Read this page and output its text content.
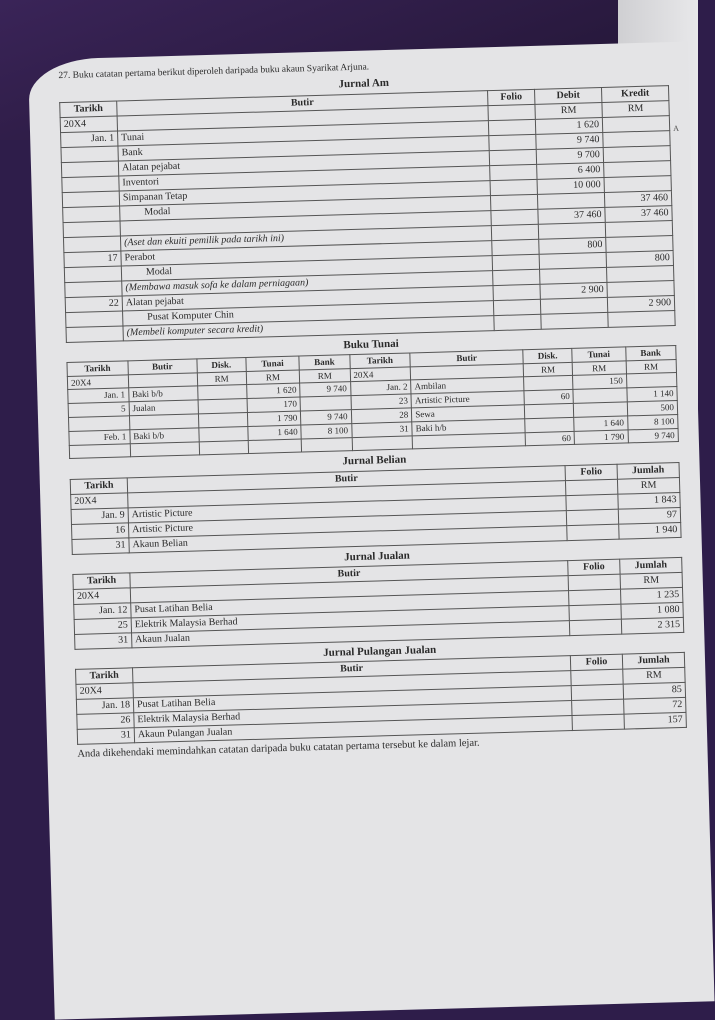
A

27. Buku catatan pertama berikut diperoleh daripada buku akaun Syarikat Arjuna.

Jurnal Am
Tarikh	Butir	Folio	Debit	Kredit
20X4			RM	RM
Jan. 1	Tunai		1 620	
	Bank		9 740	
	Alatan pejabat		9 700	
	Inventori		6 400	
	Simpanan Tetap		10 000	
	Modal			37 460
			37 460	37 460
	(Aset dan ekuiti pemilik pada tarikh ini)			
17	Perabot		800	
	Modal			800
	(Membawa masuk sofa ke dalam perniagaan)			
22	Alatan pejabat		2 900	
	Pusat Komputer Chin			2 900
	(Membeli komputer secara kredit)			
Buku Tunai
Tarikh	Butir	Disk.	Tunai	Bank	Tarikh	Butir	Disk.	Tunai	Bank
20X4		RM	RM	RM	20X4		RM	RM	RM
Jan. 1	Baki b/b		1 620	9 740	Jan. 2	Ambilan		150	
5	Jualan		170		23	Artistic Picture	60		1 140
			1 790	9 740	28	Sewa			500
Feb. 1	Baki b/b		1 640	8 100	31	Baki h/b		1 640	8 100
							60	1 790	9 740
Jurnal Belian
Tarikh	Butir	Folio	Jumlah
20X4			RM
Jan. 9	Artistic Picture		1 843
16	Artistic Picture		97
31	Akaun Belian		1 940
Jurnal Jualan
Tarikh	Butir	Folio	Jumlah
20X4			RM
Jan. 12	Pusat Latihan Belia		1 235
25	Elektrik Malaysia Berhad		1 080
31	Akaun Jualan		2 315
Jurnal Pulangan Jualan
Tarikh	Butir	Folio	Jumlah
20X4			RM
Jan. 18	Pusat Latihan Belia		85
26	Elektrik Malaysia Berhad		72
31	Akaun Pulangan Jualan		157

Anda dikehendaki memindahkan catatan daripada buku catatan pertama tersebut ke dalam lejar.
